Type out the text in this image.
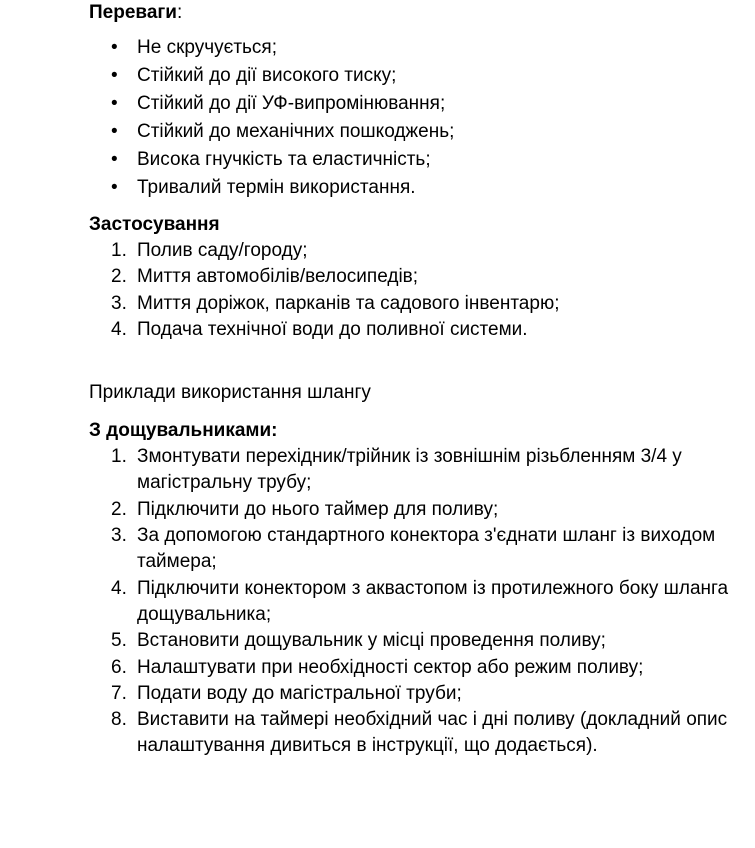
Переваги:

• Не скручується;
• Стійкий до дії високого тиску;
• Стійкий до дії УФ-випромінювання;
• Стійкий до механічних пошкоджень;
• Висока гнучкість та еластичність;
• Тривалий термін використання.

Застосування

1. Полив саду/городу;
2. Миття автомобілів/велосипедів;
3. Миття доріжок, парканів та садового інвентарю;
4. Подача технічної води до поливної системи.

Приклади використання шлангу

З дощувальниками:

1. Змонтувати перехідник/трійник із зовнішнім різьбленням 3/4 у магістральну трубу;
2. Підключити до нього таймер для поливу;
3. За допомогою стандартного конектора з'єднати шланг із виходом таймера;
4. Підключити конектором з аквастопом із протилежного боку шланга дощувальника;
5. Встановити дощувальник у місці проведення поливу;
6. Налаштувати при необхідності сектор або режим поливу;
7. Подати воду до магістральної труби;
8. Виставити на таймері необхідний час і дні поливу (докладний опис налаштування дивиться в інструкції, що додається).
